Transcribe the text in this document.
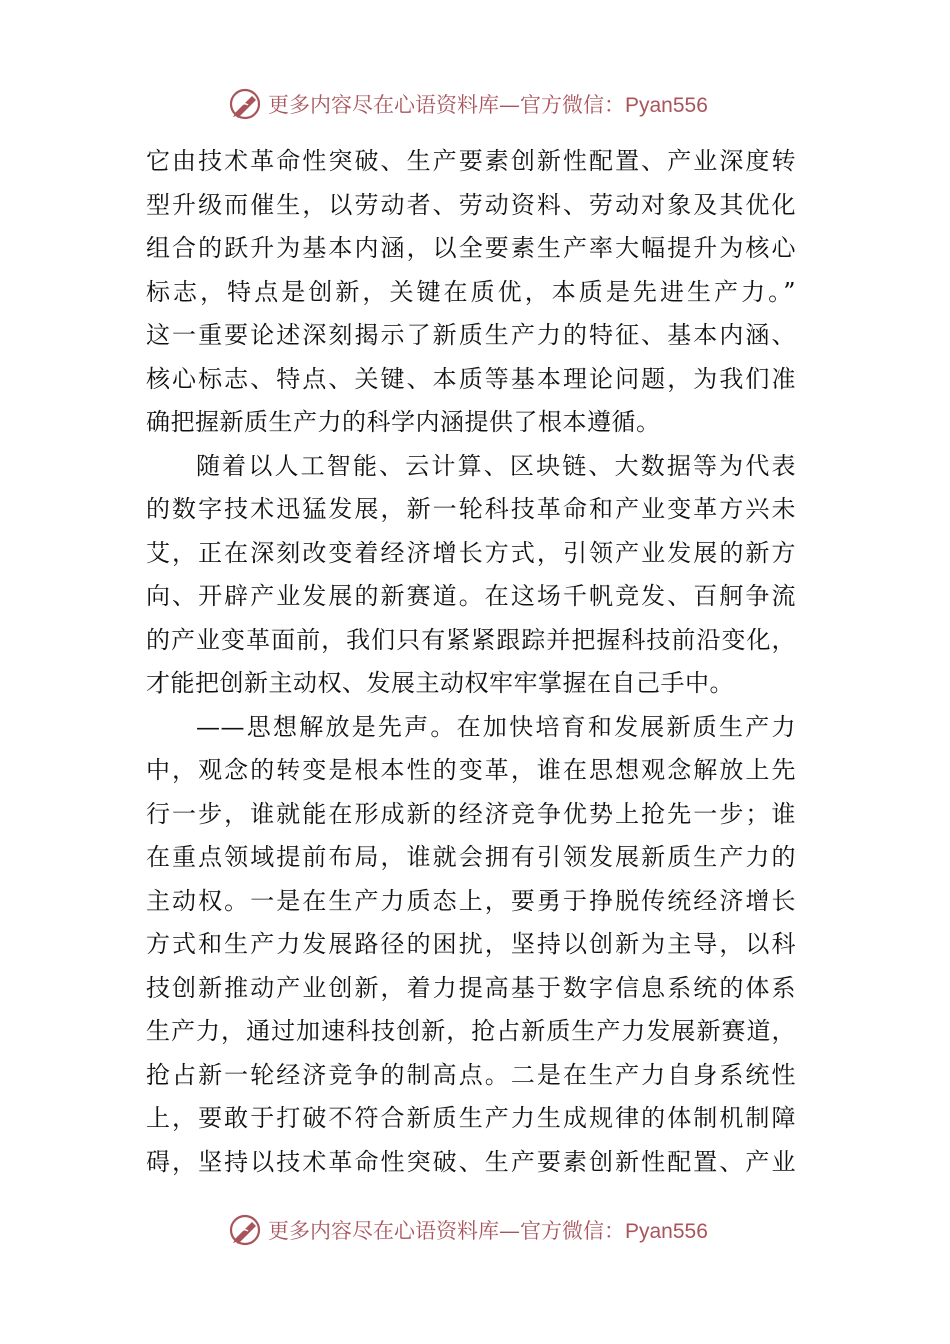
更多内容尽在心语资料库—官方微信：Pyan556
它由技术革命性突破、生产要素创新性配置、产业深度转
型升级而催生，以劳动者、劳动资料、劳动对象及其优化
组合的跃升为基本内涵，以全要素生产率大幅提升为核心
标志，特点是创新，关键在质优，本质是先进生产力。”
这一重要论述深刻揭示了新质生产力的特征、基本内涵、
核心标志、特点、关键、本质等基本理论问题，为我们准
确把握新质生产力的科学内涵提供了根本遵循。
随着以人工智能、云计算、区块链、大数据等为代表
的数字技术迅猛发展，新一轮科技革命和产业变革方兴未
艾，正在深刻改变着经济增长方式，引领产业发展的新方
向、开辟产业发展的新赛道。在这场千帆竞发、百舸争流
的产业变革面前，我们只有紧紧跟踪并把握科技前沿变化，
才能把创新主动权、发展主动权牢牢掌握在自己手中。
——思想解放是先声。在加快培育和发展新质生产力
中，观念的转变是根本性的变革，谁在思想观念解放上先
行一步，谁就能在形成新的经济竞争优势上抢先一步；谁
在重点领域提前布局，谁就会拥有引领发展新质生产力的
主动权。一是在生产力质态上，要勇于挣脱传统经济增长
方式和生产力发展路径的困扰，坚持以创新为主导，以科
技创新推动产业创新，着力提高基于数字信息系统的体系
生产力，通过加速科技创新，抢占新质生产力发展新赛道，
抢占新一轮经济竞争的制高点。二是在生产力自身系统性
上，要敢于打破不符合新质生产力生成规律的体制机制障
碍，坚持以技术革命性突破、生产要素创新性配置、产业
更多内容尽在心语资料库—官方微信：Pyan556
